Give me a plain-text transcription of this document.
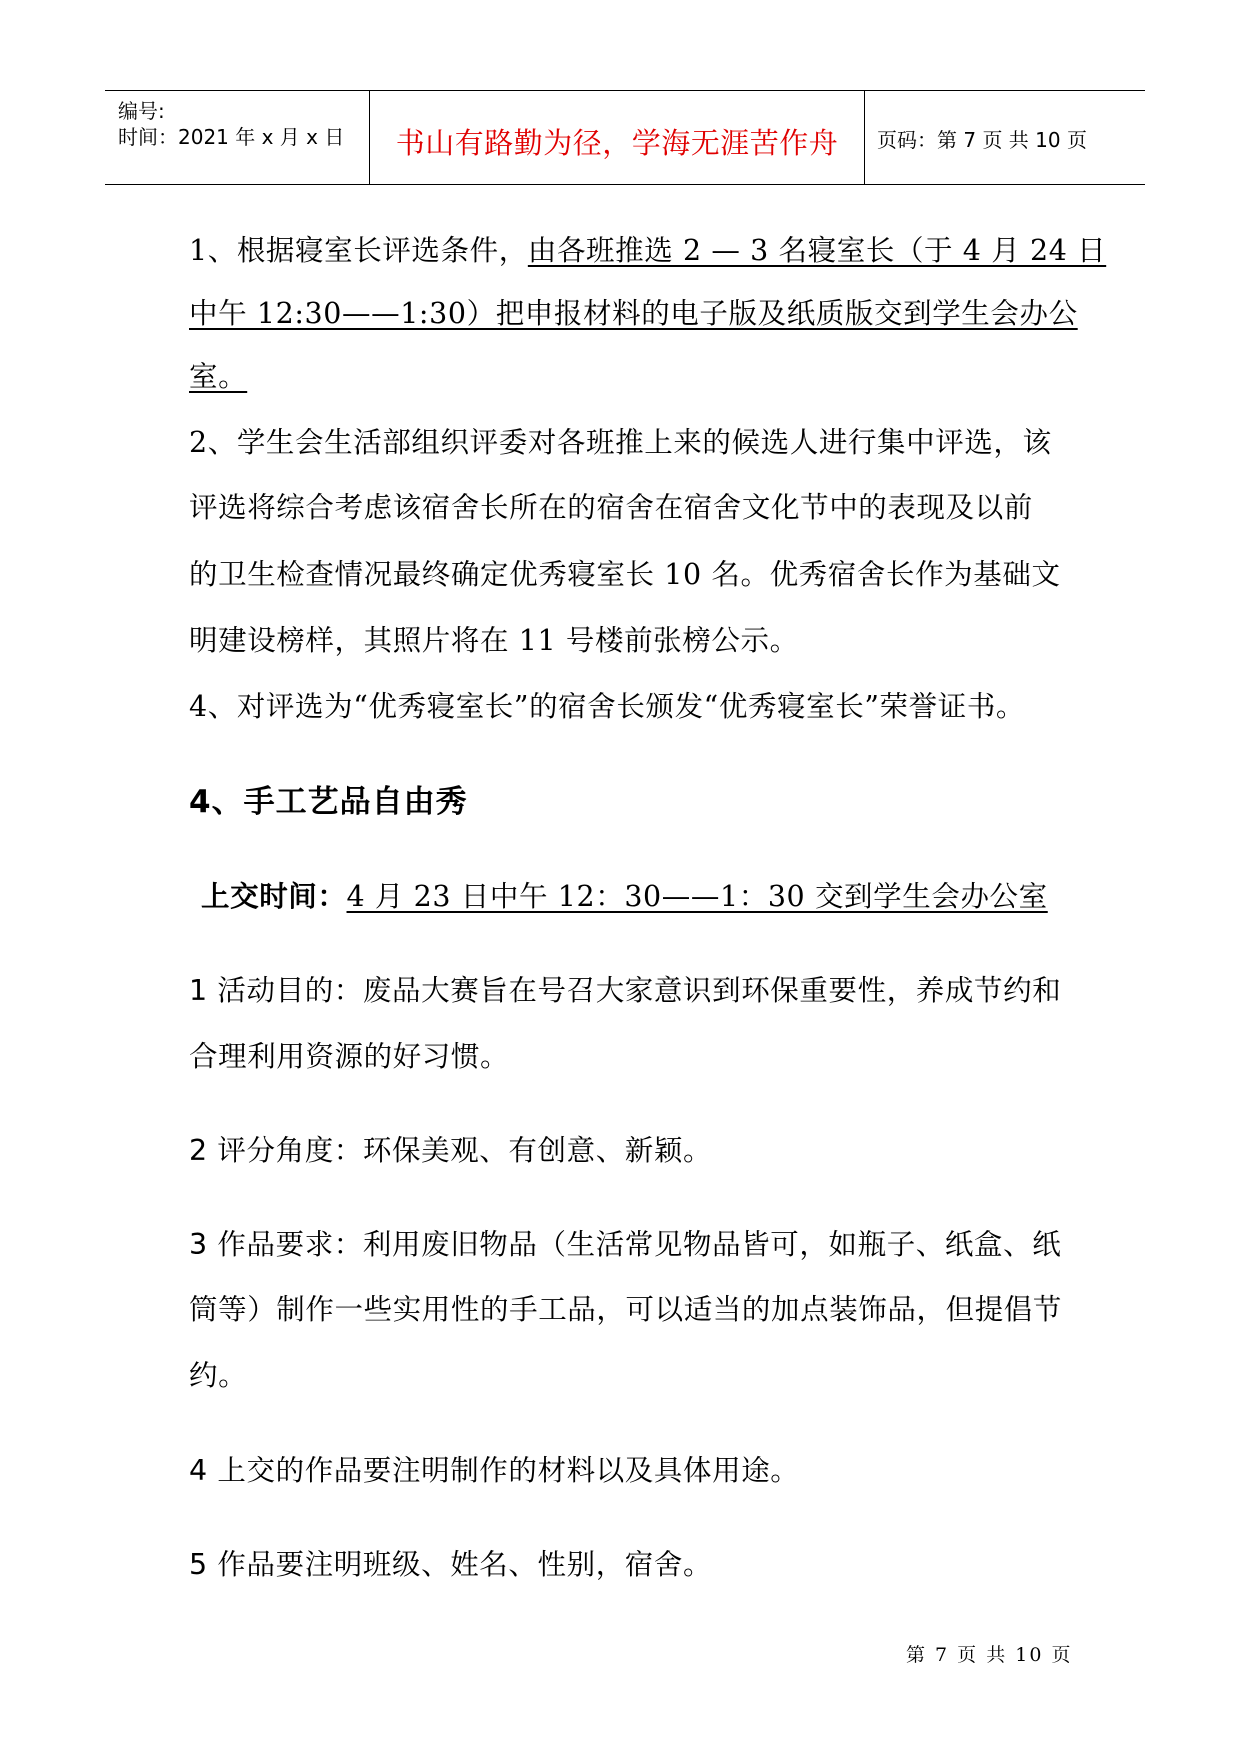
编号:
时间：2021 年 x 月 x 日	书山有路勤为径，学海无涯苦作舟	页码：第 7 页 共 10 页
1、根据寝室长评选条件，由各班推选 2 — 3 名寝室长（于 4 月 24 日
中午 12:30——1:30）把申报材料的电子版及纸质版交到学生会办公
室。
2、学生会生活部组织评委对各班推上来的候选人进行集中评选，该
评选将综合考虑该宿舍长所在的宿舍在宿舍文化节中的表现及以前
的卫生检查情况最终确定优秀寝室长 10 名。优秀宿舍长作为基础文
明建设榜样，其照片将在 11 号楼前张榜公示。
4、对评选为“优秀寝室长”的宿舍长颁发“优秀寝室长”荣誉证书。
4、手工艺品自由秀
上交时间：4 月 23 日中午 12：30——1：30 交到学生会办公室
1 活动目的：废品大赛旨在号召大家意识到环保重要性，养成节约和
合理利用资源的好习惯。
2 评分角度：环保美观、有创意、新颖。
3 作品要求：利用废旧物品（生活常见物品皆可，如瓶子、纸盒、纸
筒等）制作一些实用性的手工品，可以适当的加点装饰品，但提倡节
约。
4 上交的作品要注明制作的材料以及具体用途。
5 作品要注明班级、姓名、性别，宿舍。
第 7 页 共 10 页
